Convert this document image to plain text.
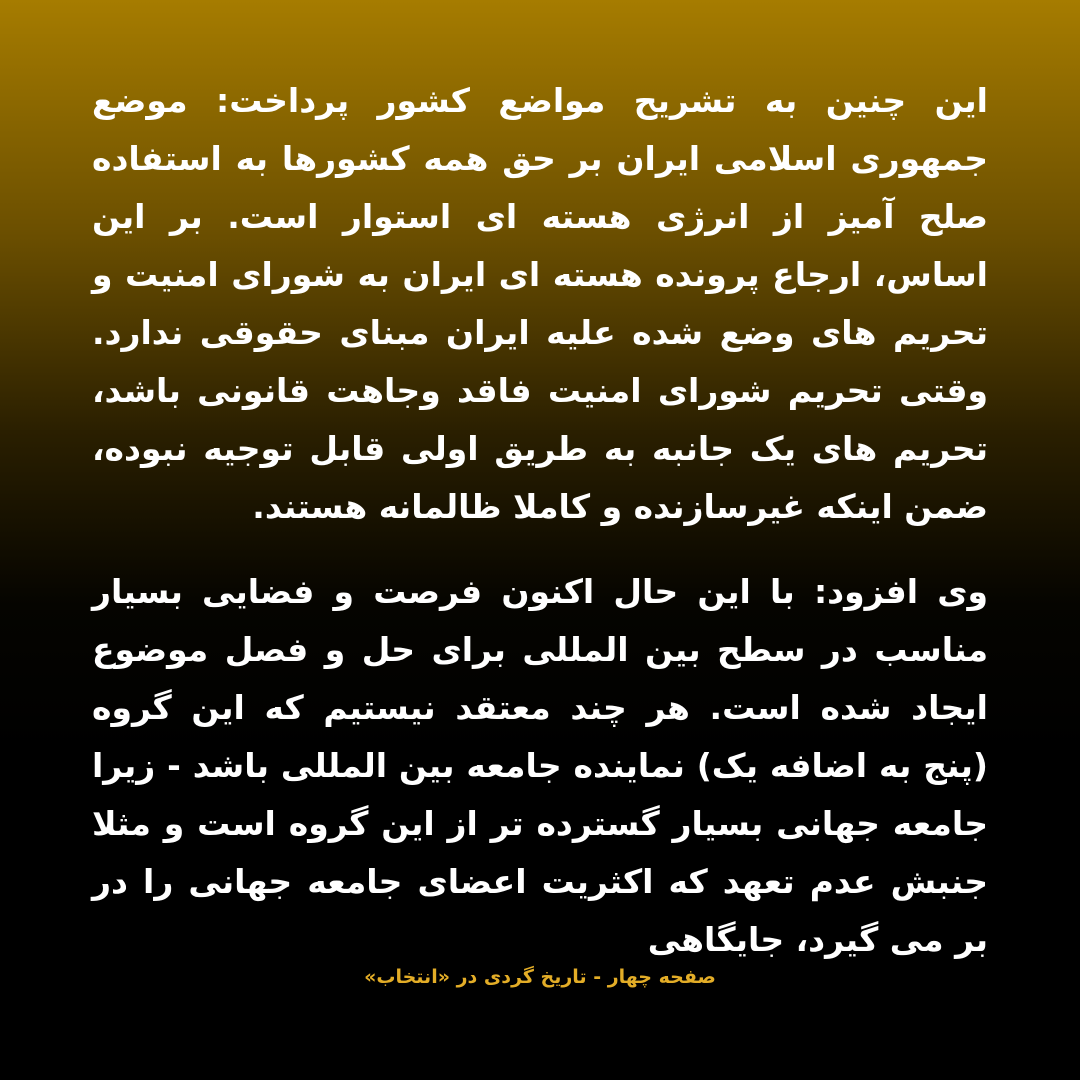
این چنین به تشریح مواضع کشور پرداخت: موضع جمهوری اسلامی ایران بر حق همه کشورها به استفاده صلح آمیز از انرژی هسته ای استوار است. بر این اساس، ارجاع پرونده هسته ای ایران به شورای امنیت و تحریم های وضع شده علیه ایران مبنای حقوقی ندارد. وقتی تحریم شورای امنیت فاقد وجاهت قانونی باشد، تحریم های یک جانبه به طریق اولی قابل توجیه نبوده، ضمن اینکه غیرسازنده و کاملا ظالمانه هستند.

وی افزود: با این حال اکنون فرصت و فضایی بسیار مناسب در سطح بین المللی برای حل و فصل موضوع ایجاد شده است. هر چند معتقد نیستیم که این گروه (پنج به اضافه یک) نماینده جامعه بین المللی باشد - زیرا جامعه جهانی بسیار گسترده تر از این گروه است و مثلا جنبش عدم تعهد که اکثریت اعضای جامعه جهانی را در بر می گیرد، جایگاهی

صفحه چهار - تاریخ گردی در «انتخاب»
